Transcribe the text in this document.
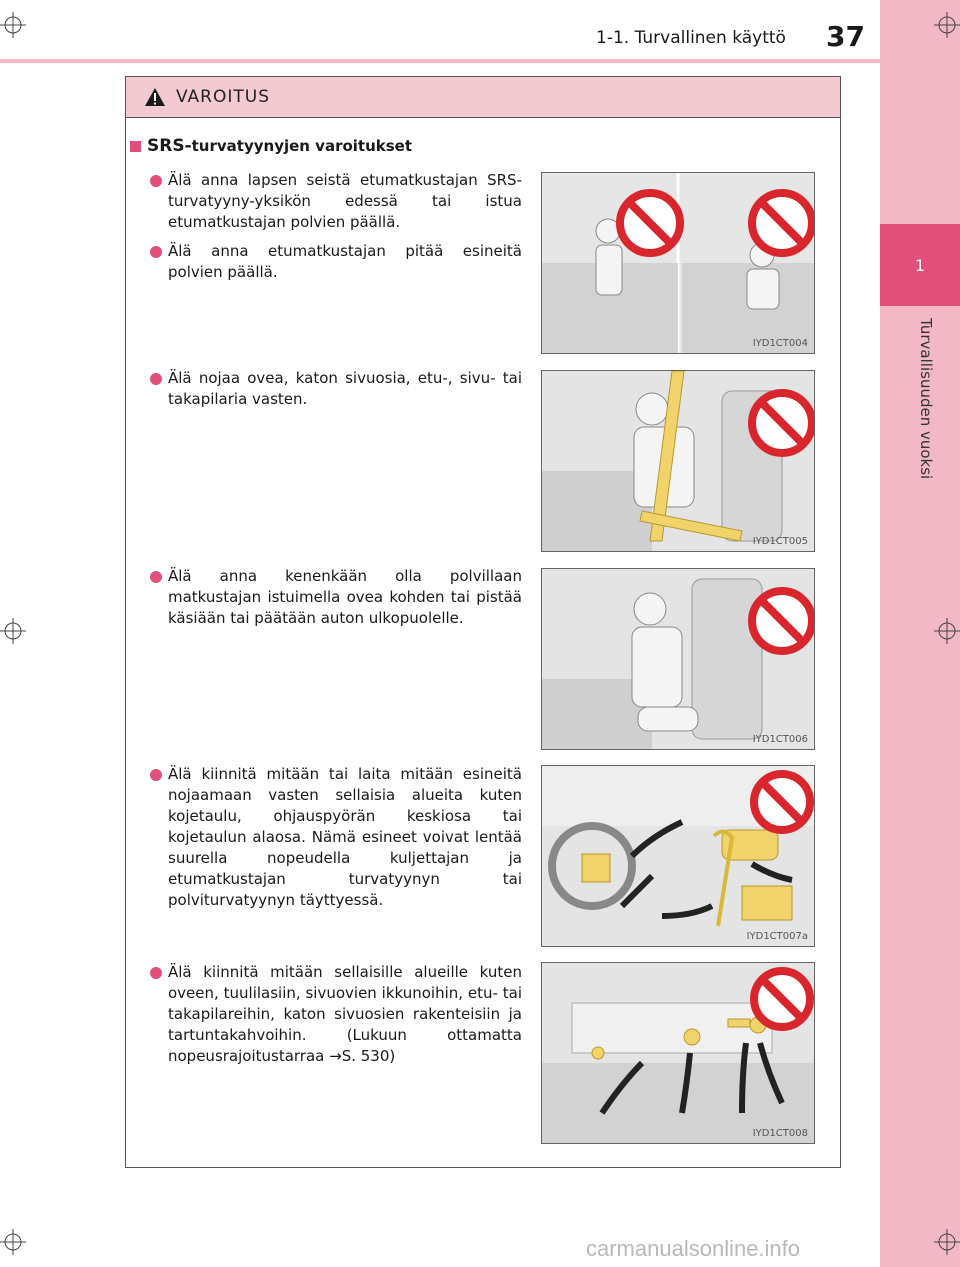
1
Turvallisuuden vuoksi
1-1. Turvallinen käyttö 37
VAROITUS
SRS- turvatyynyjen varoitukset
Älä anna lapsen seistä etumatkustajan SRS-turvatyyny-yksikön edessä tai istua etumatkustajan polvien päällä.
Älä anna etumatkustajan pitää esineitä polvien päällä.
Älä nojaa ovea, katon sivuosia, etu-, sivu- tai takapilaria vasten.
Älä anna kenenkään olla polvillaan matkustajan istuimella ovea kohden tai pistää käsiään tai päätään auton ulkopuolelle.
Älä kiinnitä mitään tai laita mitään esineitä nojaamaan vasten sellaisia alueita kuten kojetaulu, ohjauspyörän keskiosa tai kojetaulun alaosa. Nämä esineet voivat lentää suurella nopeudella kuljettajan ja etumatkustajan turvatyynyn tai polviturvatyynyn täyttyessä.
Älä kiinnitä mitään sellaisille alueille kuten oveen, tuulilasiin, sivuovien ikkunoihin, etu- tai takapilareihin, katon sivuosien rakenteisiin ja tartuntakahvoihin. (Lukuun ottamatta nopeusrajoitustarraa →S. 530)
IYD1CT004
IYD1CT005
IYD1CT006
IYD1CT007a
IYD1CT008
carmanualsonline.info
